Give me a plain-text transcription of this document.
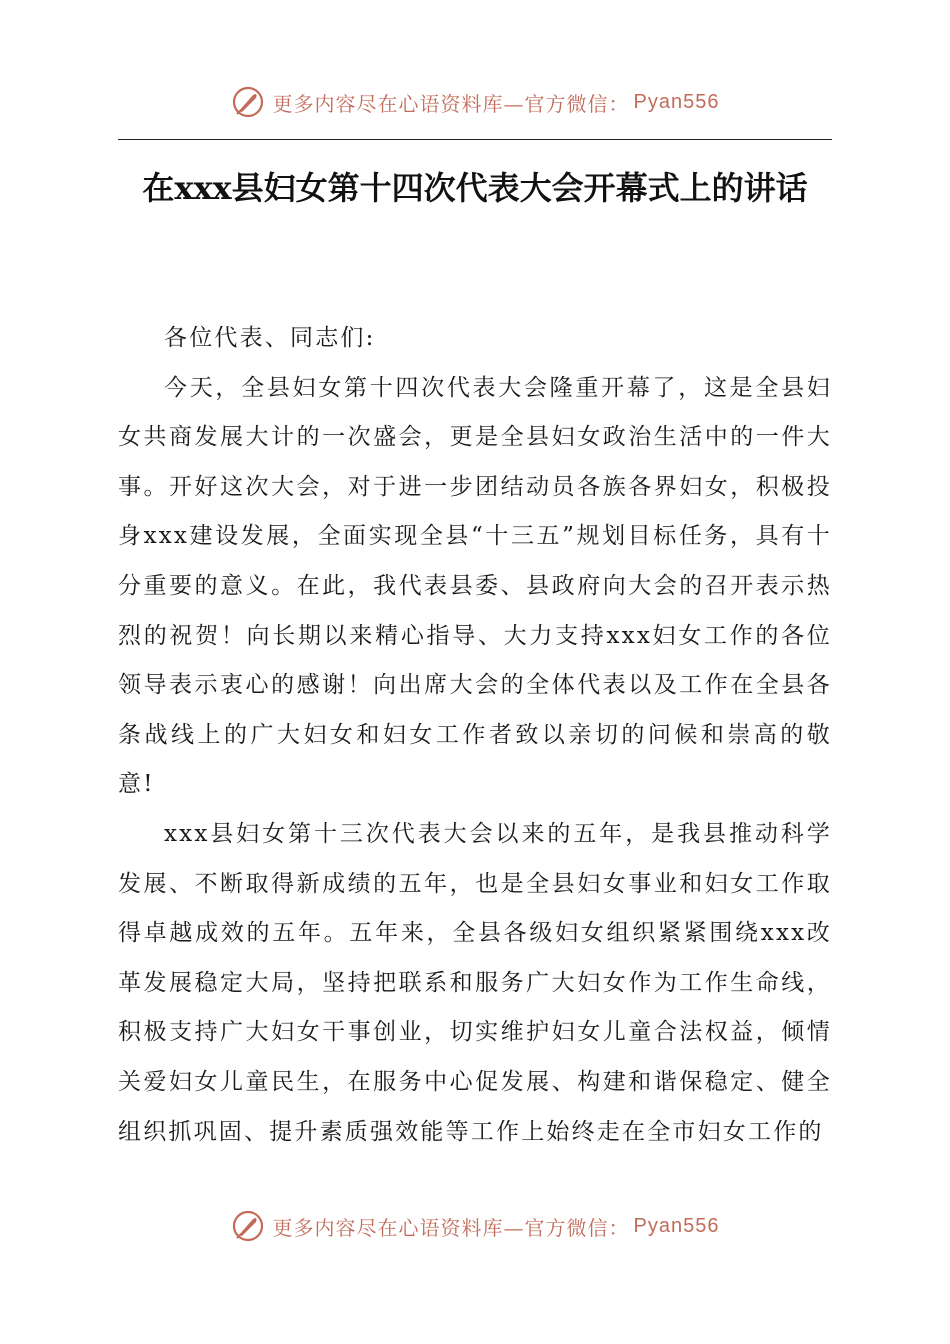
更多内容尽在心语资料库—官方微信： Pyan556
在xxx县妇女第十四次代表大会开幕式上的讲话

各位代表、同志们:

今天，全县妇女第十四次代表大会隆重开幕了，这是全县妇女共商发展大计的一次盛会，更是全县妇女政治生活中的一件大事。开好这次大会，对于进一步团结动员各族各界妇女，积极投身xxx建设发展，全面实现全县“十三五”规划目标任务，具有十分重要的意义。在此，我代表县委、县政府向大会的召开表示热烈的祝贺！向长期以来精心指导、大力支持xxx妇女工作的各位领导表示衷心的感谢！向出席大会的全体代表以及工作在全县各条战线上的广大妇女和妇女工作者致以亲切的问候和崇高的敬意!

xxx县妇女第十三次代表大会以来的五年，是我县推动科学发展、不断取得新成绩的五年，也是全县妇女事业和妇女工作取得卓越成效的五年。五年来，全县各级妇女组织紧紧围绕xxx改革发展稳定大局，坚持把联系和服务广大妇女作为工作生命线，积极支持广大妇女干事创业，切实维护妇女儿童合法权益，倾情关爱妇女儿童民生，在服务中心促发展、构建和谐保稳定、健全组织抓巩固、提升素质强效能等工作上始终走在全市妇女工作的

更多内容尽在心语资料库—官方微信： Pyan556
